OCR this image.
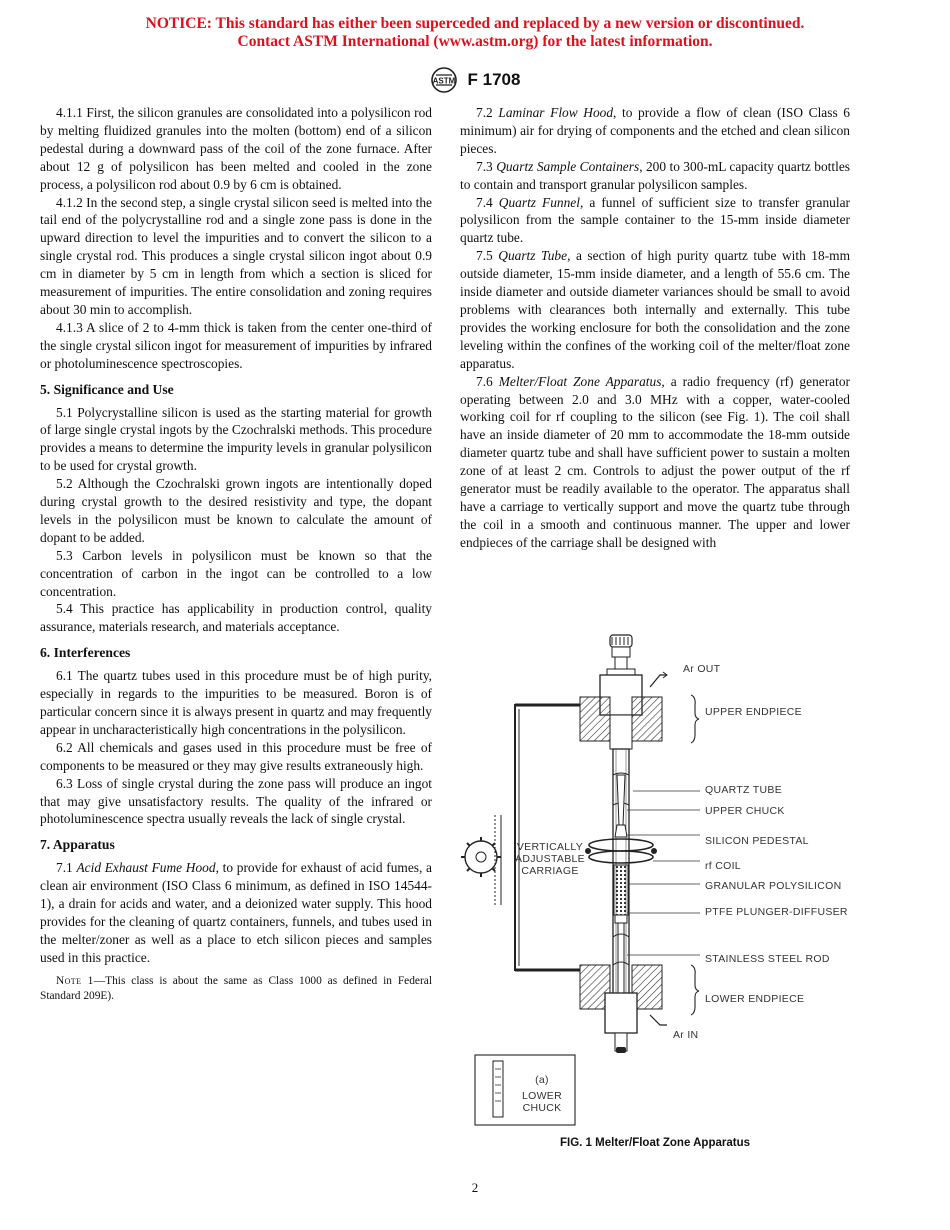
NOTICE: This standard has either been superceded and replaced by a new version or discontinued.
Contact ASTM International (www.astm.org) for the latest information.
ASTM F 1708

4.1.1 First, the silicon granules are consolidated into a polysilicon rod by melting fluidized granules into the molten (bottom) end of a silicon pedestal during a downward pass of the coil of the zone furnace. After about 12 g of polysilicon has been melted and cooled in the zone process, a polysilicon rod about 0.9 by 6 cm is obtained.

4.1.2 In the second step, a single crystal silicon seed is melted into the tail end of the polycrystalline rod and a single zone pass is done in the upward direction to level the impurities and to convert the silicon to a single crystal rod. This produces a single crystal silicon ingot about 0.9 cm in diameter by 5 cm in length from which a section is sliced for measurement of impurities. The entire consolidation and zoning requires about 30 min to accomplish.

4.1.3 A slice of 2 to 4-mm thick is taken from the center one-third of the single crystal silicon ingot for measurement of impurities by infrared or photoluminescence spectroscopies.

5. Significance and Use

5.1 Polycrystalline silicon is used as the starting material for growth of large single crystal ingots by the Czochralski methods. This procedure provides a means to determine the impurity levels in granular polysilicon to be used for crystal growth.

5.2 Although the Czochralski grown ingots are intentionally doped during crystal growth to the desired resistivity and type, the dopant levels in the polysilicon must be known to calculate the amount of dopant to be added.

5.3 Carbon levels in polysilicon must be known so that the concentration of carbon in the ingot can be controlled to a low concentration.

5.4 This practice has applicability in production control, quality assurance, materials research, and materials acceptance.

6. Interferences

6.1 The quartz tubes used in this procedure must be of high purity, especially in regards to the impurities to be measured. Boron is of particular concern since it is always present in quartz and may frequently appear in uncharacteristically high concentrations in the polysilicon.

6.2 All chemicals and gases used in this procedure must be free of components to be measured or they may give results extraneously high.

6.3 Loss of single crystal during the zone pass will produce an ingot that may give unsatisfactory results. The quality of the infrared or photoluminescence spectra usually reveals the lack of single crystal.

7. Apparatus

7.1 Acid Exhaust Fume Hood, to provide for exhaust of acid fumes, a clean air environment (ISO Class 6 minimum, as defined in ISO 14544-1), a drain for acids and water, and a deionized water supply. This hood provides for the cleaning of quartz containers, funnels, and tubes used in the melter/zoner as well as a place to etch silicon pieces and samples used in this practice.

Note 1—This class is about the same as Class 1000 as defined in Federal Standard 209E).

7.2 Laminar Flow Hood, to provide a flow of clean (ISO Class 6 minimum) air for drying of components and the etched and clean silicon pieces.

7.3 Quartz Sample Containers, 200 to 300-mL capacity quartz bottles to contain and transport granular polysilicon samples.

7.4 Quartz Funnel, a funnel of sufficient size to transfer granular polysilicon from the sample container to the 15-mm inside diameter quartz tube.

7.5 Quartz Tube, a section of high purity quartz tube with 18-mm outside diameter, 15-mm inside diameter, and a length of 55.6 cm. The inside diameter and outside diameter variances should be small to avoid problems with clearances both internally and externally. This tube provides the working enclosure for both the consolidation and the zone leveling within the confines of the working coil of the melter/float zone apparatus.

7.6 Melter/Float Zone Apparatus, a radio frequency (rf) generator operating between 2.0 and 3.0 MHz with a copper, water-cooled working coil for rf coupling to the silicon (see Fig. 1). The coil shall have an inside diameter of 20 mm to accommodate the 18-mm outside diameter quartz tube and shall have sufficient power to sustain a molten zone of at least 2 cm. Controls to adjust the power output of the rf generator must be readily available to the operator. The apparatus shall have a carriage to vertically support and move the quartz tube through the coil in a smooth and continuous manner. The upper and lower endpieces of the carriage shall be designed with

Ar OUT
UPPER ENDPIECE
QUARTZ TUBE
UPPER CHUCK
SILICON PEDESTAL
rf COIL
GRANULAR POLYSILICON
PTFE PLUNGER-DIFFUSER
STAINLESS STEEL ROD
LOWER ENDPIECE
Ar IN
VERTICALLY
ADJUSTABLE
CARRIAGE
(a)
LOWER
CHUCK
FIG. 1 Melter/Float Zone Apparatus
2
